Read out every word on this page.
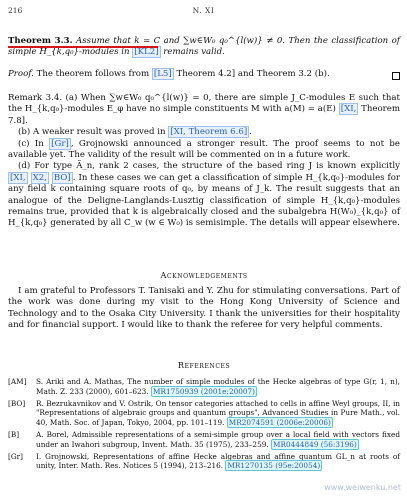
216	N. XI

Theorem 3.3. Assume that k = C and ∑w∈W₀ q₀^{l(w)} ≠ 0. Then the classification of simple H_{k,q₀}-modules in [KL2] remains valid.

Proof. The theorem follows from [L5] Theorem 4.2] and Theorem 3.2 (b).

Remark 3.4. (a) When ∑w∈W₀ q₀^{l(w)} = 0, there are simple J_C-modules E such that the H_{k,q₀}-modules E_φ have no simple constituents M with a(M) = a(E) [XI, Theorem 7.8].

(b) A weaker result was proved in [XI, Theorem 6.6] .

(c) In [Gr] , Grojnowski announced a stronger result. The proof seems to not be available yet. The validity of the result will be commented on in a future work.

(d) For type Ã_n, rank 2 cases, the structure of the based ring J is known explicitly [XI, X2, BO] . In these cases we can get a classification of simple H_{k,q₀}-modules for any field k containing square roots of q₀, by means of J_k. The result suggests that an analogue of the Deligne-Langlands-Lusztig classification of simple H_{k,q₀}-modules remains true, provided that k is algebraically closed and the subalgebra H(W₀)_{k,q₀} of H_{k,q₀} generated by all C_w (w ∈ W₀) is semisimple. The details will appear elsewhere.

Acknowledgements

I am grateful to Professors T. Tanisaki and Y. Zhu for stimulating conversations. Part of the work was done during my visit to the Hong Kong University of Science and Technology and to the Osaka City University. I thank the universities for their hospitality and for financial support. I would like to thank the referee for very helpful comments.

References
[AM] S. Ariki and A. Mathas, The number of simple modules of the Hecke algebras of type G(r, 1, n), Math. Z. 233 (2000), 601–623. MR1750939 (2001e:20007)
[BO] R. Bezrukavnikov and V. Ostrik, On tensor categories attached to cells in affine Weyl groups, II, in "Representations of algebraic groups and quantum groups", Advanced Studies in Pure Math., vol. 40, Math. Soc. of Japan, Tokyo, 2004, pp. 101–119. MR2074591 (2006e:20006)
[B] A. Borel, Admissible representations of a semi-simple group over a local field with vectors fixed under an Iwahori subgroup, Invent. Math. 35 (1975), 233–259. MR0444849 (56:3196)
[Gr] I. Grojnowski, Representations of affine Hecke algebras and affine quantum GL_n at roots of unity, Inter. Math. Res. Notices 5 (1994), 213–216. MR1270135 (95e:20054)
www.weiwenku.net
